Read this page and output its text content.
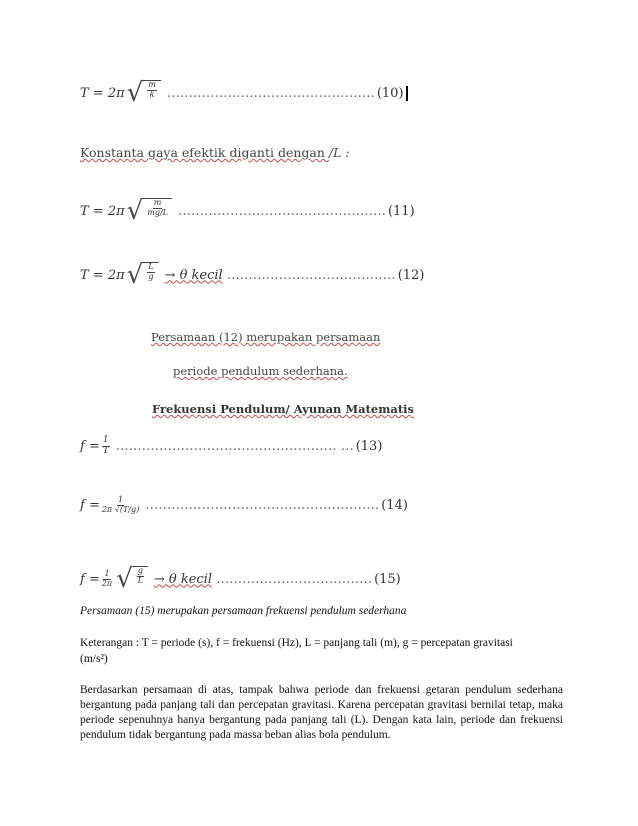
T = 2π √ $\frac{m}{k}$ ………………………………………… (10)
Konstanta gaya efektik diganti dengan /L :
T = 2π √ $\frac{m}{mg/L}$ ………………………………………… (11)
T = 2π √ $\frac{L}{g} \to \theta$ kecil ………………………………… (12)
Persamaan (12) merupakan persamaan
periode pendulum sederhana.
Frekuensi Pendulum/ Ayunan Matematis
$f = \frac{1}{T}$ …………………………………………… … (13)
$f = \frac{1}{2\pi √(T/g)}$ ……………………………………………… (14)
$f = \frac{1}{2\pi}$ √ $\frac{g}{L} \to \theta$ kecil ……………………………… (15)
Persamaan (15) merupakan persamaan frekuensi pendulum sederhana
Keterangan : T = periode (s), f = frekuensi (Hz), L = panjang tali (m), g = percepatan gravitasi
(m/s²)
Berdasarkan persamaan di atas, tampak bahwa periode dan frekuensi getaran pendulum sederhana bergantung pada panjang tali dan percepatan gravitasi. Karena percepatan gravitasi bernilai tetap, maka periode sepenuhnya hanya bergantung pada panjang tali (L). Dengan kata lain, periode dan frekuensi pendulum tidak bergantung pada massa beban alias bola pendulum.
